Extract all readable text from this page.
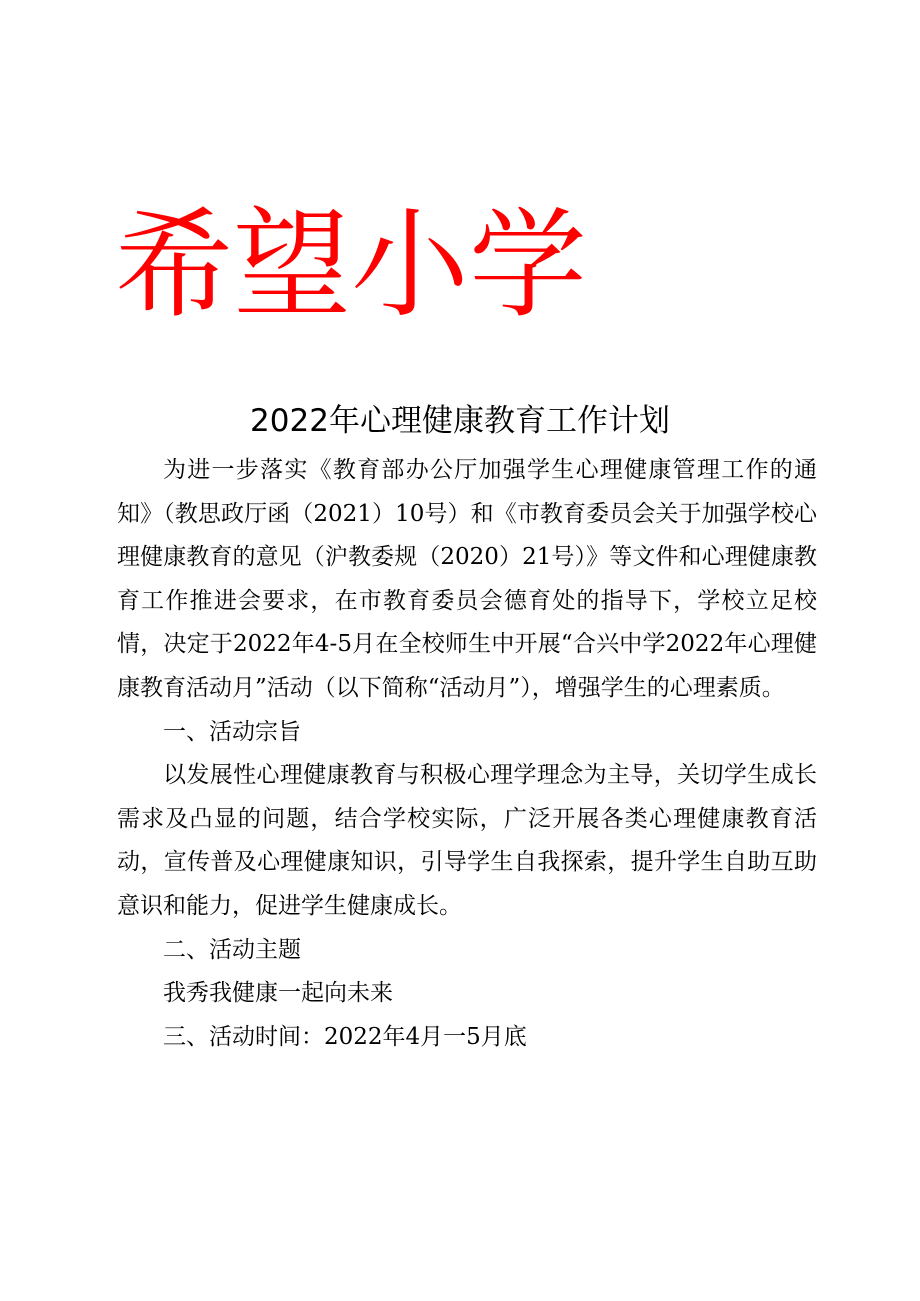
希望小学
2022年心理健康教育工作计划

为进一步落实《教育部办公厅加强学生心理健康管理工作的通知》（教思政厅函（2021）10号）和《市教育委员会关于加强学校心理健康教育的意见（沪教委规（2020）21号）》等文件和心理健康教育工作推进会要求，在市教育委员会德育处的指导下，学校立足校情，决定于2022年4-5月在全校师生中开展“合兴中学2022年心理健康教育活动月”活动（以下简称“活动月”），增强学生的心理素质。

一、活动宗旨

以发展性心理健康教育与积极心理学理念为主导，关切学生成长需求及凸显的问题，结合学校实际，广泛开展各类心理健康教育活动，宣传普及心理健康知识，引导学生自我探索，提升学生自助互助意识和能力，促进学生健康成长。

二、活动主题

我秀我健康一起向未来

三、活动时间：2022年4月一5月底
